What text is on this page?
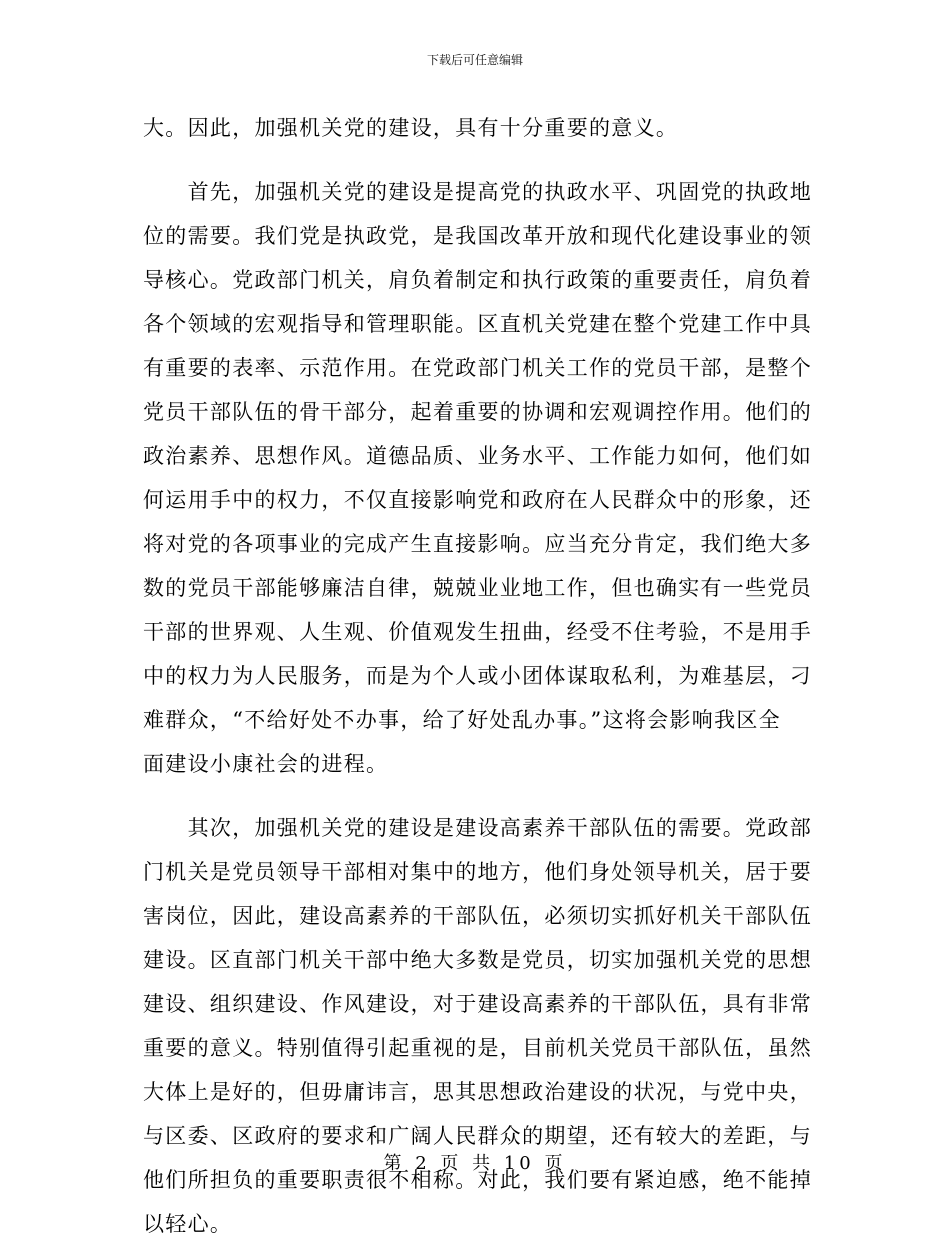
下载后可任意编辑
大。因此，加强机关党的建设，具有十分重要的意义。
　　首先，加强机关党的建设是提高党的执政水平、巩固党的执政地
位的需要。我们党是执政党，是我国改革开放和现代化建设事业的领
导核心。党政部门机关，肩负着制定和执行政策的重要责任，肩负着
各个领域的宏观指导和管理职能。区直机关党建在整个党建工作中具
有重要的表率、示范作用。在党政部门机关工作的党员干部，是整个
党员干部队伍的骨干部分，起着重要的协调和宏观调控作用。他们的
政治素养、思想作风。道德品质、业务水平、工作能力如何，他们如
何运用手中的权力，不仅直接影响党和政府在人民群众中的形象，还
将对党的各项事业的完成产生直接影响。应当充分肯定，我们绝大多
数的党员干部能够廉洁自律，兢兢业业地工作，但也确实有一些党员
干部的世界观、人生观、价值观发生扭曲，经受不住考验，不是用手
中的权力为人民服务，而是为个人或小团体谋取私利，为难基层，刁
难群众，“不给好处不办事，给了好处乱办事。”这将会影响我区全
面建设小康社会的进程。
　　其次，加强机关党的建设是建设高素养干部队伍的需要。党政部
门机关是党员领导干部相对集中的地方，他们身处领导机关，居于要
害岗位，因此，建设高素养的干部队伍，必须切实抓好机关干部队伍
建设。区直部门机关干部中绝大多数是党员，切实加强机关党的思想
建设、组织建设、作风建设，对于建设高素养的干部队伍，具有非常
重要的意义。特别值得引起重视的是，目前机关党员干部队伍，虽然
大体上是好的，但毋庸讳言，思其思想政治建设的状况，与党中央，
与区委、区政府的要求和广阔人民群众的期望，还有较大的差距，与
他们所担负的重要职责很不相称。对此，我们要有紧迫感，绝不能掉
以轻心。
第 2 页 共 10 页
